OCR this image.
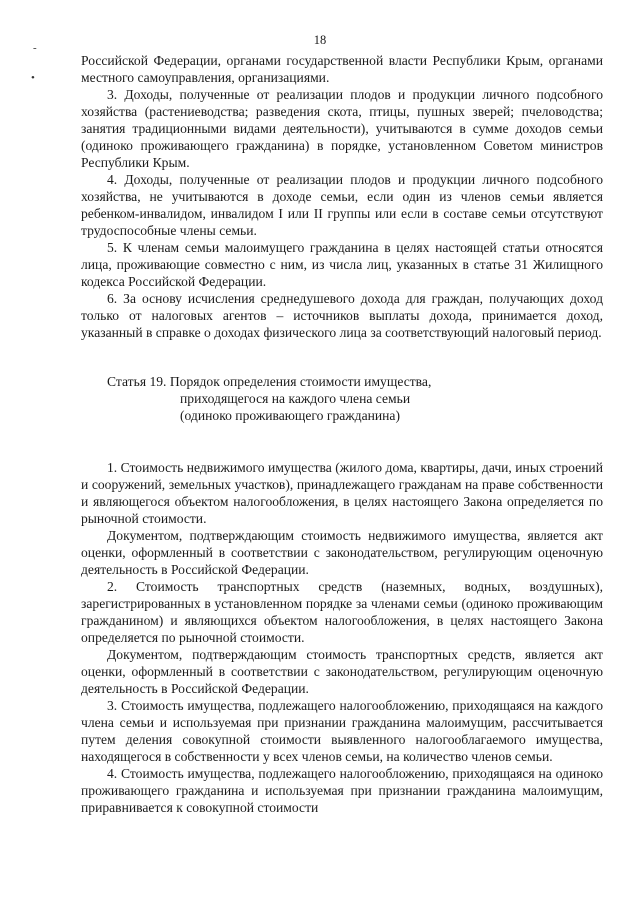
18
-
•

Российской Федерации, органами государственной власти Республики Крым, органами местного самоуправления, организациями.

3. Доходы, полученные от реализации плодов и продукции личного подсобного хозяйства (растениеводства; разведения скота, птицы, пушных зверей; пчеловодства; занятия традиционными видами деятельности), учитываются в сумме доходов семьи (одиноко проживающего гражданина) в порядке, установленном Советом министров Республики Крым.

4. Доходы, полученные от реализации плодов и продукции личного подсобного хозяйства, не учитываются в доходе семьи, если один из членов семьи является ребенком-инвалидом, инвалидом I или II группы или если в составе семьи отсутствуют трудоспособные члены семьи.

5. К членам семьи малоимущего гражданина в целях настоящей статьи относятся лица, проживающие совместно с ним, из числа лиц, указанных в статье 31 Жилищного кодекса Российской Федерации.

6. За основу исчисления среднедушевого дохода для граждан, получающих доход только от налоговых агентов – источников выплаты дохода, принимается доход, указанный в справке о доходах физического лица за соответствующий налоговый период.

Статья 19. Порядок определения стоимости имущества,
приходящегося на каждого члена семьи
(одиноко проживающего гражданина)

1. Стоимость недвижимого имущества (жилого дома, квартиры, дачи, иных строений и сооружений, земельных участков), принадлежащего гражданам на праве собственности и являющегося объектом налогообложения, в целях настоящего Закона определяется по рыночной стоимости.

Документом, подтверждающим стоимость недвижимого имущества, является акт оценки, оформленный в соответствии с законодательством, регулирующим оценочную деятельность в Российской Федерации.

2. Стоимость транспортных средств (наземных, водных, воздушных), зарегистрированных в установленном порядке за членами семьи (одиноко проживающим гражданином) и являющихся объектом налогообложения, в целях настоящего Закона определяется по рыночной стоимости.

Документом, подтверждающим стоимость транспортных средств, является акт оценки, оформленный в соответствии с законодательством, регулирующим оценочную деятельность в Российской Федерации.

3. Стоимость имущества, подлежащего налогообложению, приходящаяся на каждого члена семьи и используемая при признании гражданина малоимущим, рассчитывается путем деления совокупной стоимости выявленного налогооблагаемого имущества, находящегося в собственности у всех членов семьи, на количество членов семьи.

4. Стоимость имущества, подлежащего налогообложению, приходящаяся на одиноко проживающего гражданина и используемая при признании гражданина малоимущим, приравнивается к совокупной стоимости
